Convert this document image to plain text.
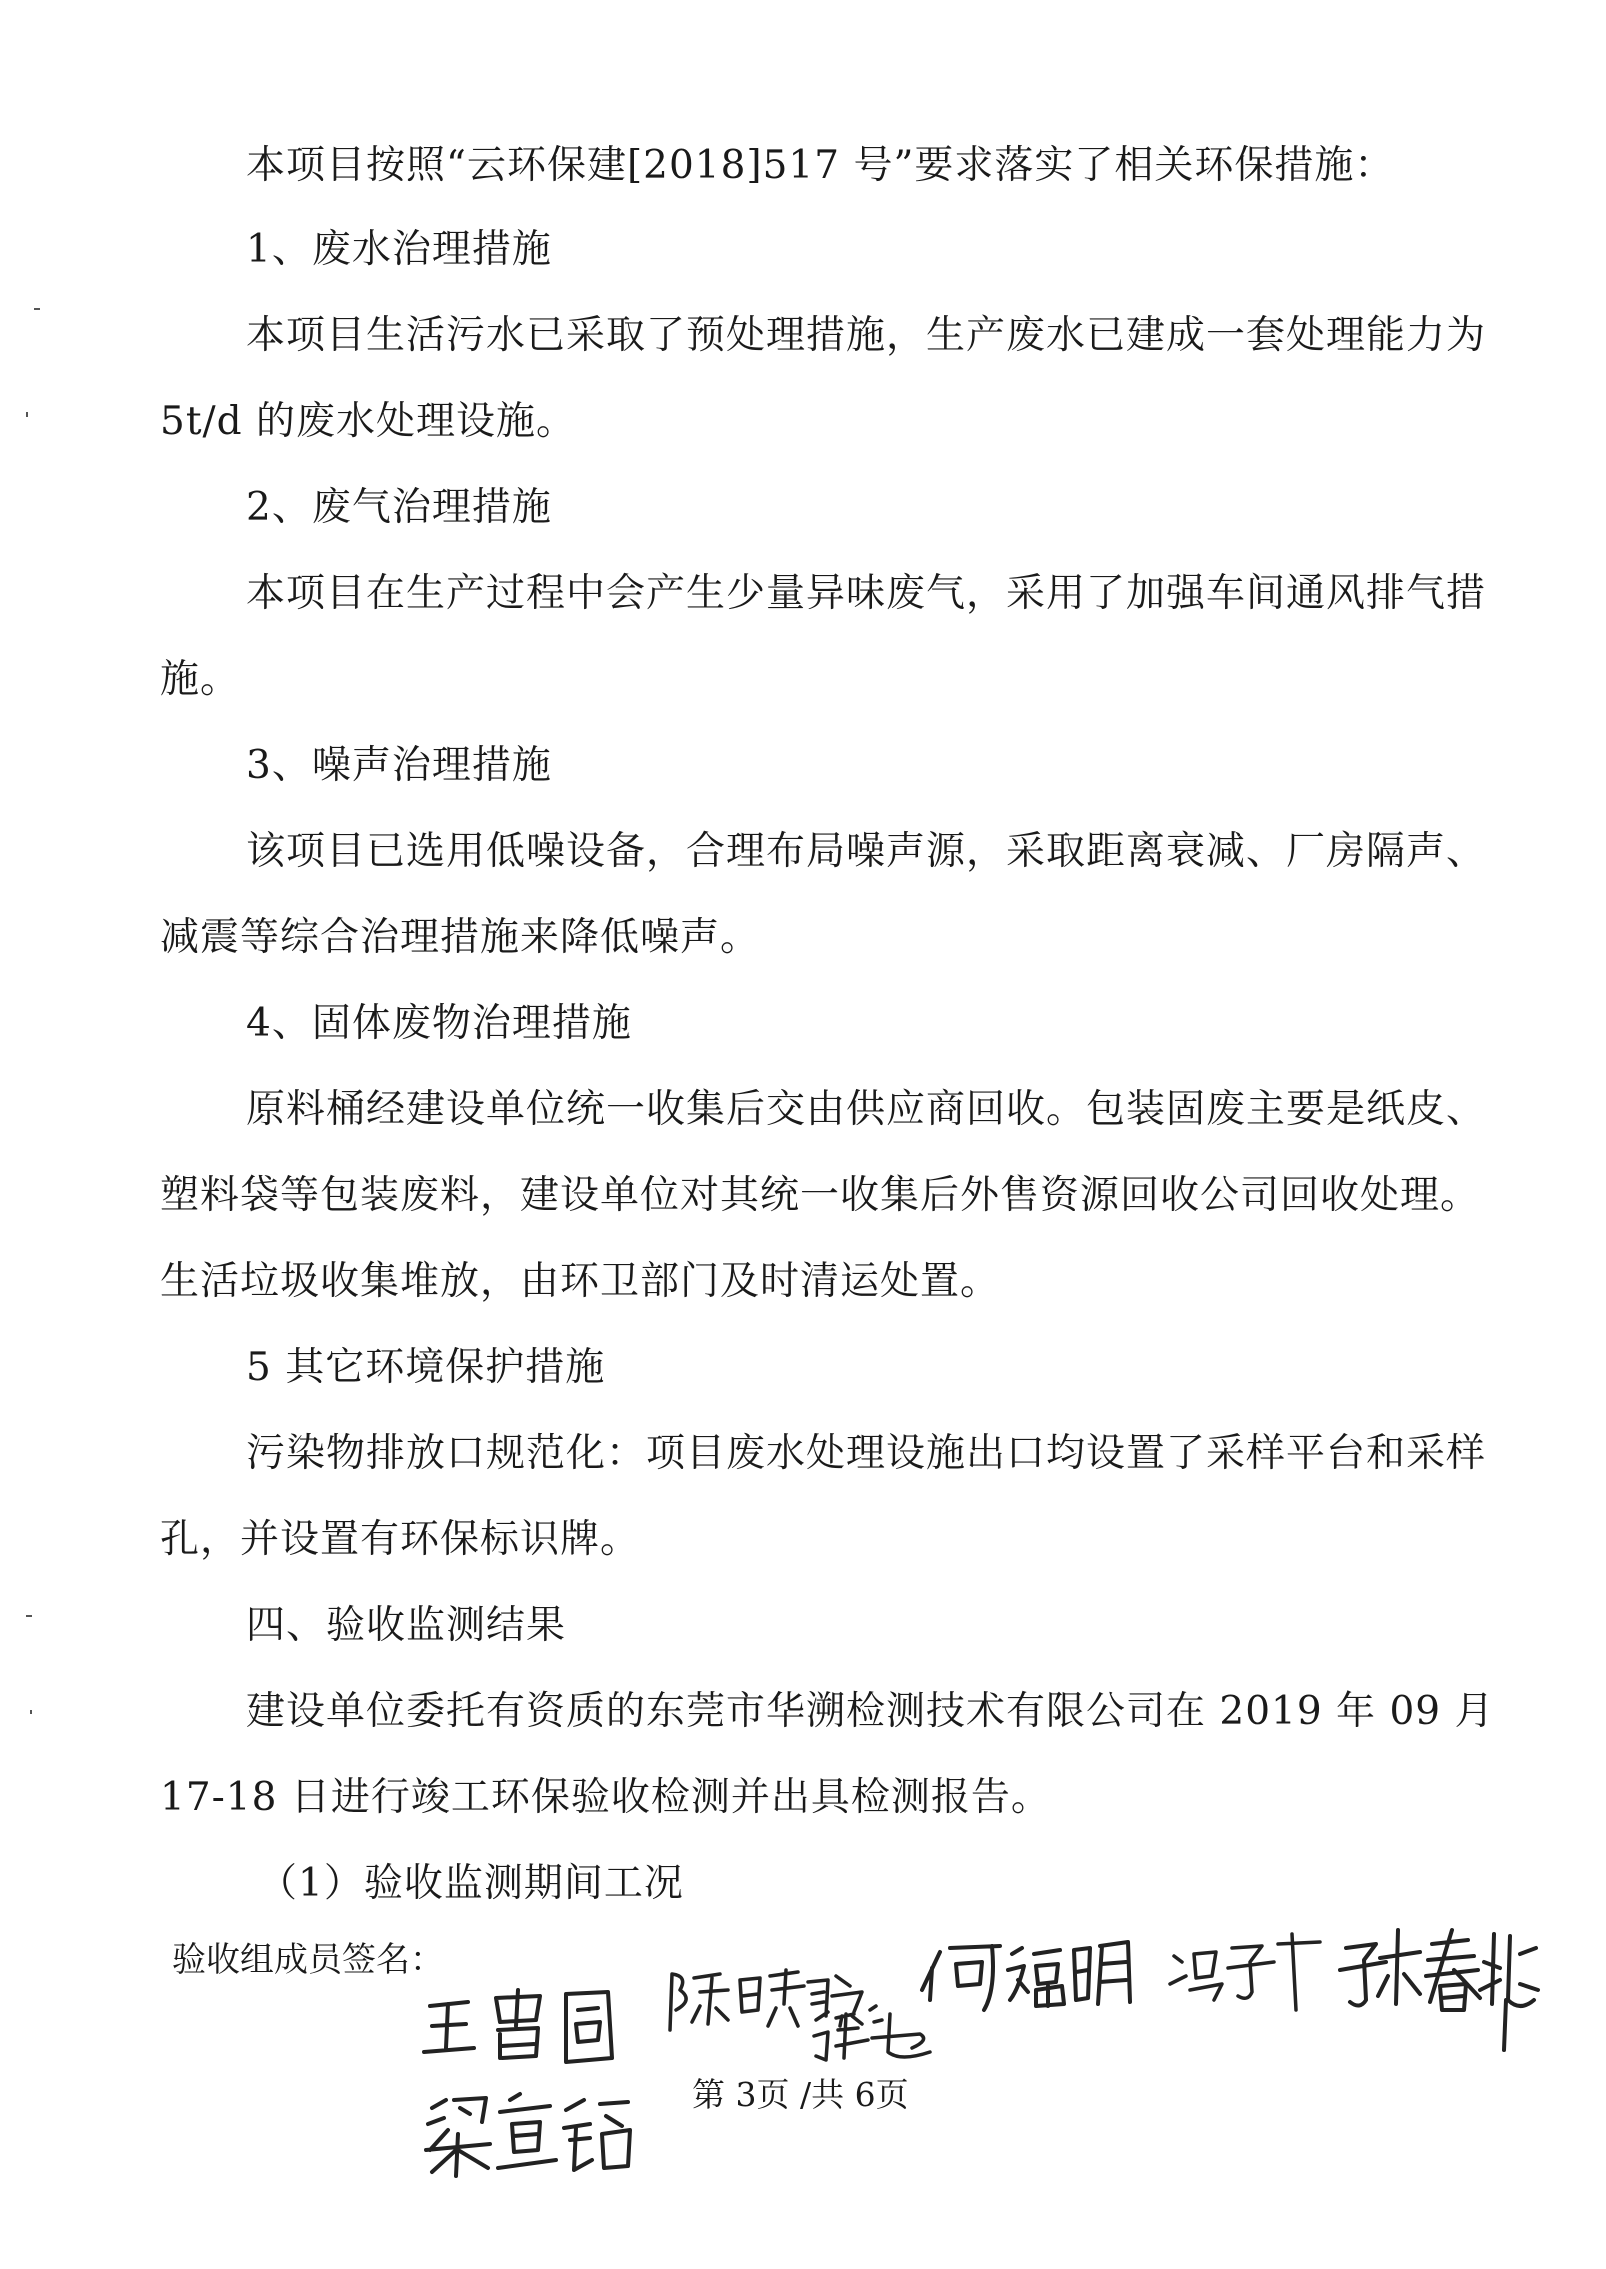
本项目按照“云环保建[2018]517 号”要求落实了相关环保措施：
1、废水治理措施
本项目生活污水已采取了预处理措施，生产废水已建成一套处理能力为
5t/d 的废水处理设施。
2、废气治理措施
本项目在生产过程中会产生少量异味废气，采用了加强车间通风排气措
施。
3、噪声治理措施
该项目已选用低噪设备，合理布局噪声源，采取距离衰减、厂房隔声、
减震等综合治理措施来降低噪声。
4、固体废物治理措施
原料桶经建设单位统一收集后交由供应商回收。包装固废主要是纸皮、
塑料袋等包装废料，建设单位对其统一收集后外售资源回收公司回收处理。
生活垃圾收集堆放，由环卫部门及时清运处置。
5 其它环境保护措施
污染物排放口规范化：项目废水处理设施出口均设置了采样平台和采样
孔，并设置有环保标识牌。
四、验收监测结果
建设单位委托有资质的东莞市华溯检测技术有限公司在 2019 年 09 月
17-18 日进行竣工环保验收检测并出具检测报告。
（1）验收监测期间工况
验收组成员签名：
第 3页 /共 6页
